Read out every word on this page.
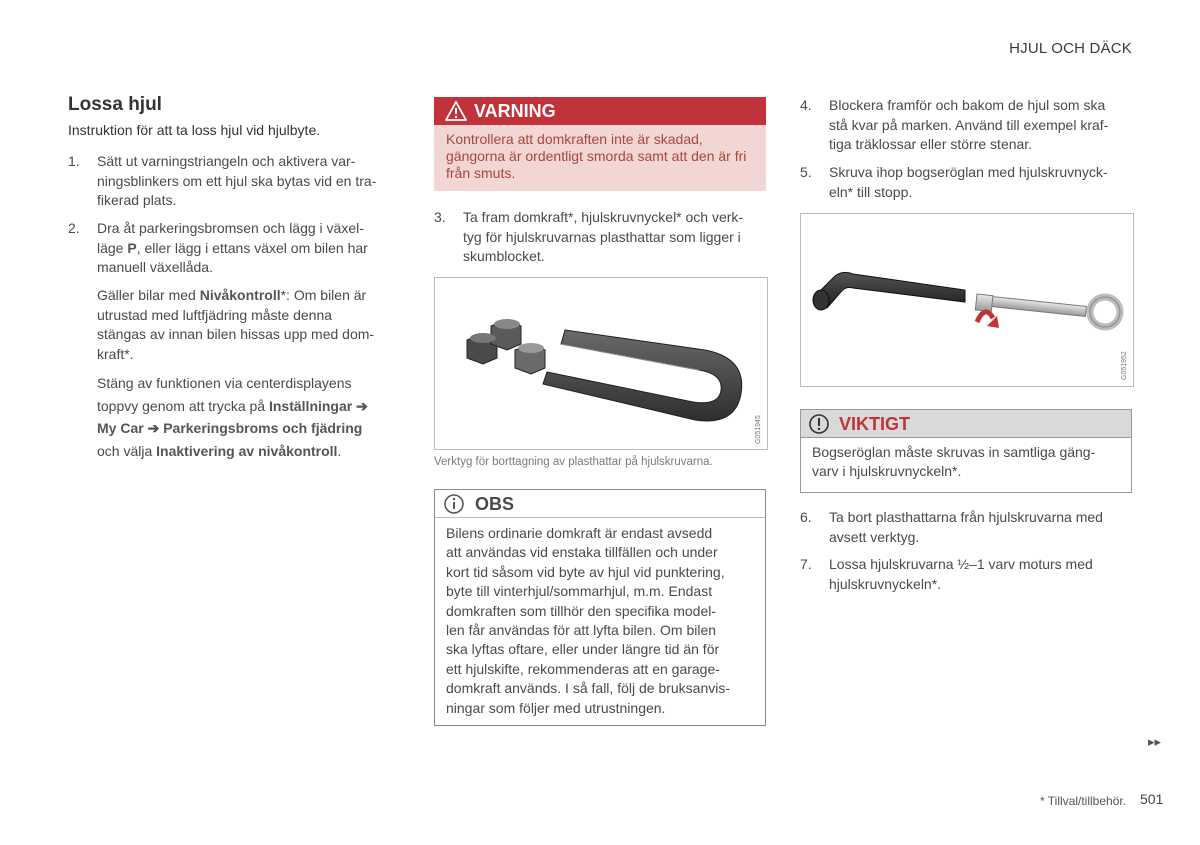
HJUL OCH DÄCK
Lossa hjul
Instruktion för att ta loss hjul vid hjulbyte.
1.	Sätt ut varningstriangeln och aktivera var-

ningsblinkers om ett hjul ska bytas vid en tra-

fikerad plats.

2.	Dra åt parkeringsbromsen och lägg i växel-

läge P, eller lägg i ettans växel om bilen har

manuell växellåda.

Gäller bilar med Nivåkontroll*: Om bilen är

utrustad med luftfjädring måste denna

stängas av innan bilen hissas upp med dom-

kraft*.

Stäng av funktionen via centerdisplayens

toppvy genom att trycka på Inställningar ➔

My Car ➔ Parkeringsbroms och fjädring

och välja Inaktivering av nivåkontroll.

VARNING

Kontrollera att domkraften inte är skadad, gängorna är ordentligt smorda samt att den är fri från smuts.

3.	Ta fram domkraft*, hjulskruvnyckel* och verk-

tyg för hjulskruvarnas plasthattar som ligger i

skumblocket.

G051945
Verktyg för borttagning av plasthattar på hjulskruvarna.
OBS

Bilens ordinarie domkraft är endast avsedd
att användas vid enstaka tillfällen och under
kort tid såsom vid byte av hjul vid punktering,
byte till vinterhjul/sommarhjul, m.m. Endast
domkraften som tillhör den specifika model-
len får användas för att lyfta bilen. Om bilen
ska lyftas oftare, eller under längre tid än för
ett hjulskifte, rekommenderas att en garage-
domkraft används. I så fall, följ de bruksanvis-
ningar som följer med utrustningen.

4.	Blockera framför och bakom de hjul som ska

stå kvar på marken. Använd till exempel kraf-

tiga träklossar eller större stenar.

5.	Skruva ihop bogseröglan med hjulskruvnyck-

eln* till stopp.

G051952
VIKTIGT

Bogseröglan måste skruvas in samtliga gäng-
varv i hjulskruvnyckeln*.

6.	Ta bort plasthattarna från hjulskruvarna med

avsett verktyg.

7.	Lossa hjulskruvarna ½–1 varv moturs med

hjulskruvnyckeln*.

▸▸
* Tillval/tillbehör. 501
